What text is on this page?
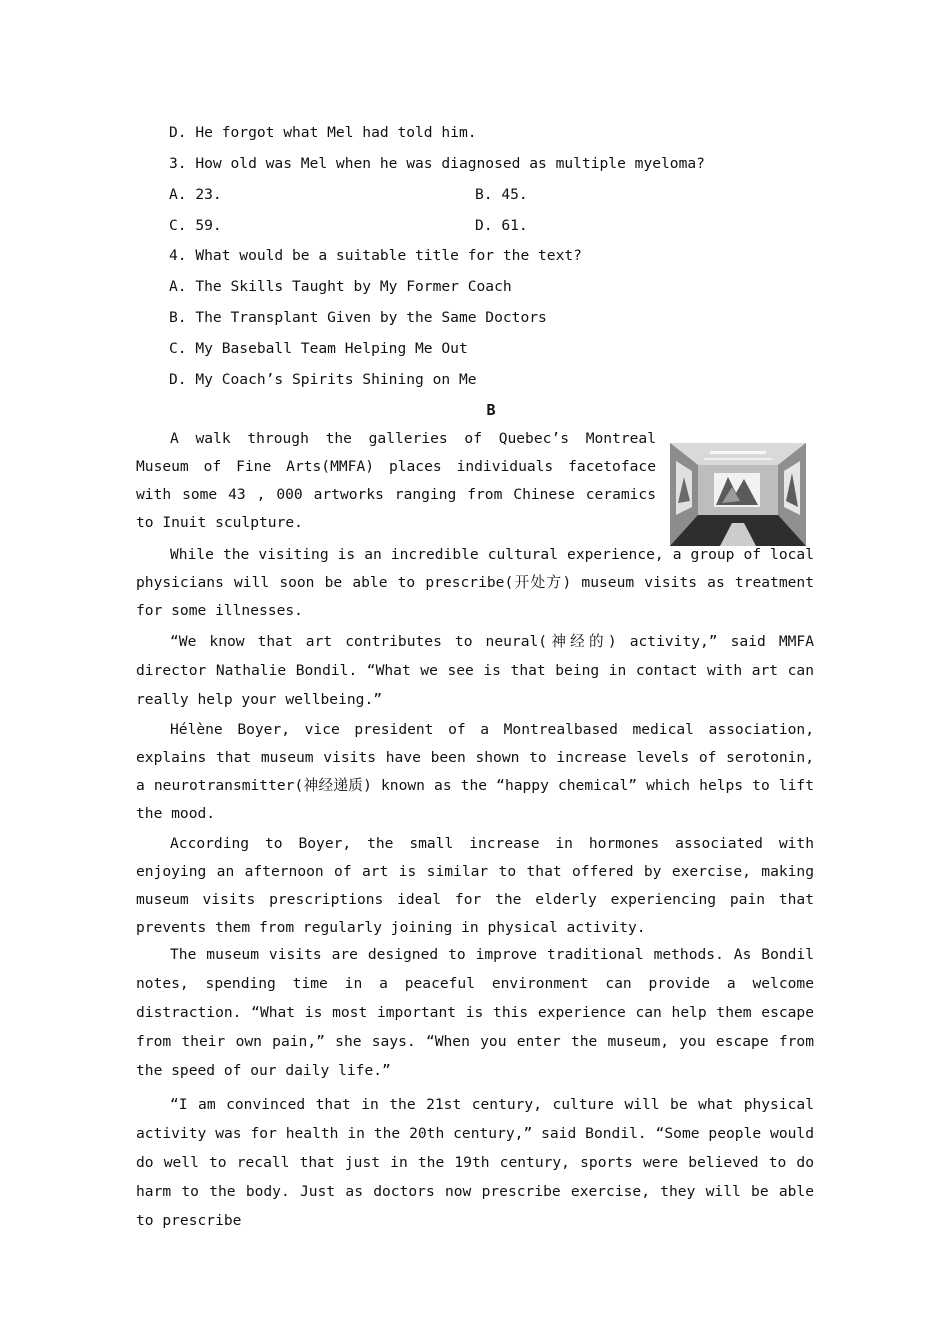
D. He forgot what Mel had told him.
3. How old was Mel when he was diagnosed as multiple myeloma?
A. 23.	B. 45.
C. 59.	D. 61.
4. What would be a suitable title for the text?
A. The Skills Taught by My Former Coach
B. The Transplant Given by the Same Doctors
C. My Baseball Team Helping Me Out
D. My Coach’s Spirits Shining on Me
B
A walk through the galleries of Quebec’s Montreal Museum of Fine Arts(MMFA) places individuals facetoface with some 43 , 000 artworks ranging from Chinese ceramics to Inuit sculpture.
While the visiting is an incredible cultural experience, a group of local physicians will soon be able to prescribe(开处方) museum visits as treatment for some illnesses.
“We know that art contributes to neural(神经的) activity,” said MMFA director Nathalie Bondil. “What we see is that being in contact with art can really help your wellbeing.”
Hélène Boyer, vice president of a Montrealbased medical association, explains that museum visits have been shown to increase levels of serotonin, a neurotransmitter(神经递质) known as the “happy chemical” which helps to lift the mood.
According to Boyer, the small increase in hormones associated with enjoying an afternoon of art is similar to that offered by exercise, making museum visits prescriptions ideal for the elderly experiencing pain that prevents them from regularly joining in physical activity.
The museum visits are designed to improve traditional methods. As Bondil notes, spending time in a peaceful environment can provide a welcome distraction. “What is most important is this experience can help them escape from their own pain,” she says. “When you enter the museum, you escape from the speed of our daily life.”
“I am convinced that in the 21st century, culture will be what physical activity was for health in the 20th century,” said Bondil. “Some people would do well to recall that just in the 19th century, sports were believed to do harm to the body. Just as doctors now prescribe exercise, they will be able to prescribe
